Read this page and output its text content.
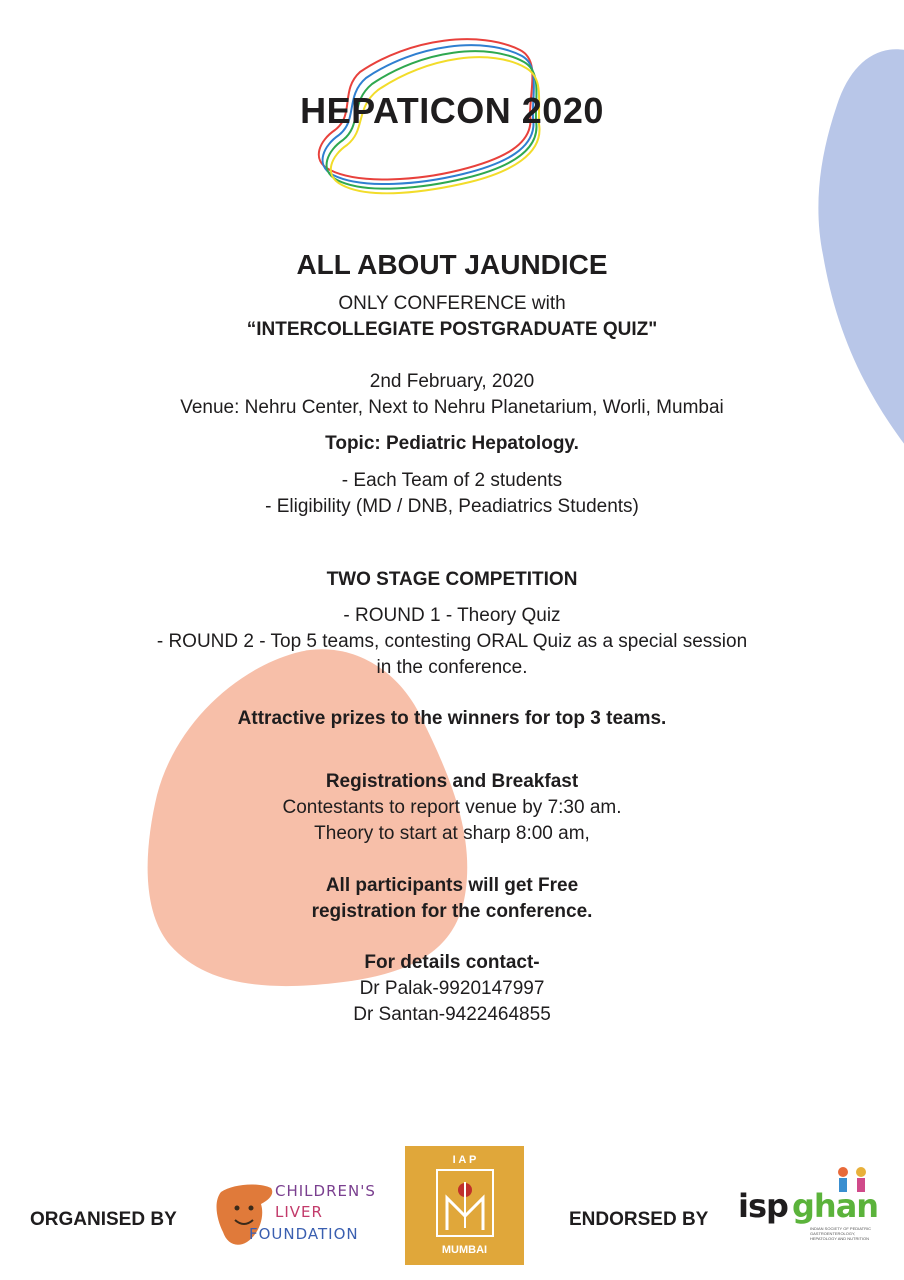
HEPATICON 2020
ALL ABOUT JAUNDICE
ONLY CONFERENCE with
“INTERCOLLEGIATE POSTGRADUATE QUIZ"
2nd February, 2020
Venue: Nehru Center, Next to Nehru Planetarium, Worli, Mumbai
Topic: Pediatric Hepatology.
- Each Team of 2 students
- Eligibility (MD / DNB, Peadiatrics Students)
TWO STAGE COMPETITION
- ROUND 1 - Theory Quiz
- ROUND 2 - Top 5 teams, contesting ORAL Quiz as a special session
in the conference.
Attractive prizes to the winners for top 3 teams.
Registrations and Breakfast
Contestants to report venue by 7:30 am.
Theory to start at sharp 8:00 am,
All participants will get Free
registration for the conference.
For details contact-
Dr Palak-9920147997
Dr Santan-9422464855
ORGANISED BY
CHILDREN'S
LIVER
FOUNDATION
I A P
MUMBAI
ENDORSED BY isp ghan
INDIAN SOCIETY OF PEDIATRIC GASTROENTEROLOGY, HEPATOLOGY AND NUTRITION
